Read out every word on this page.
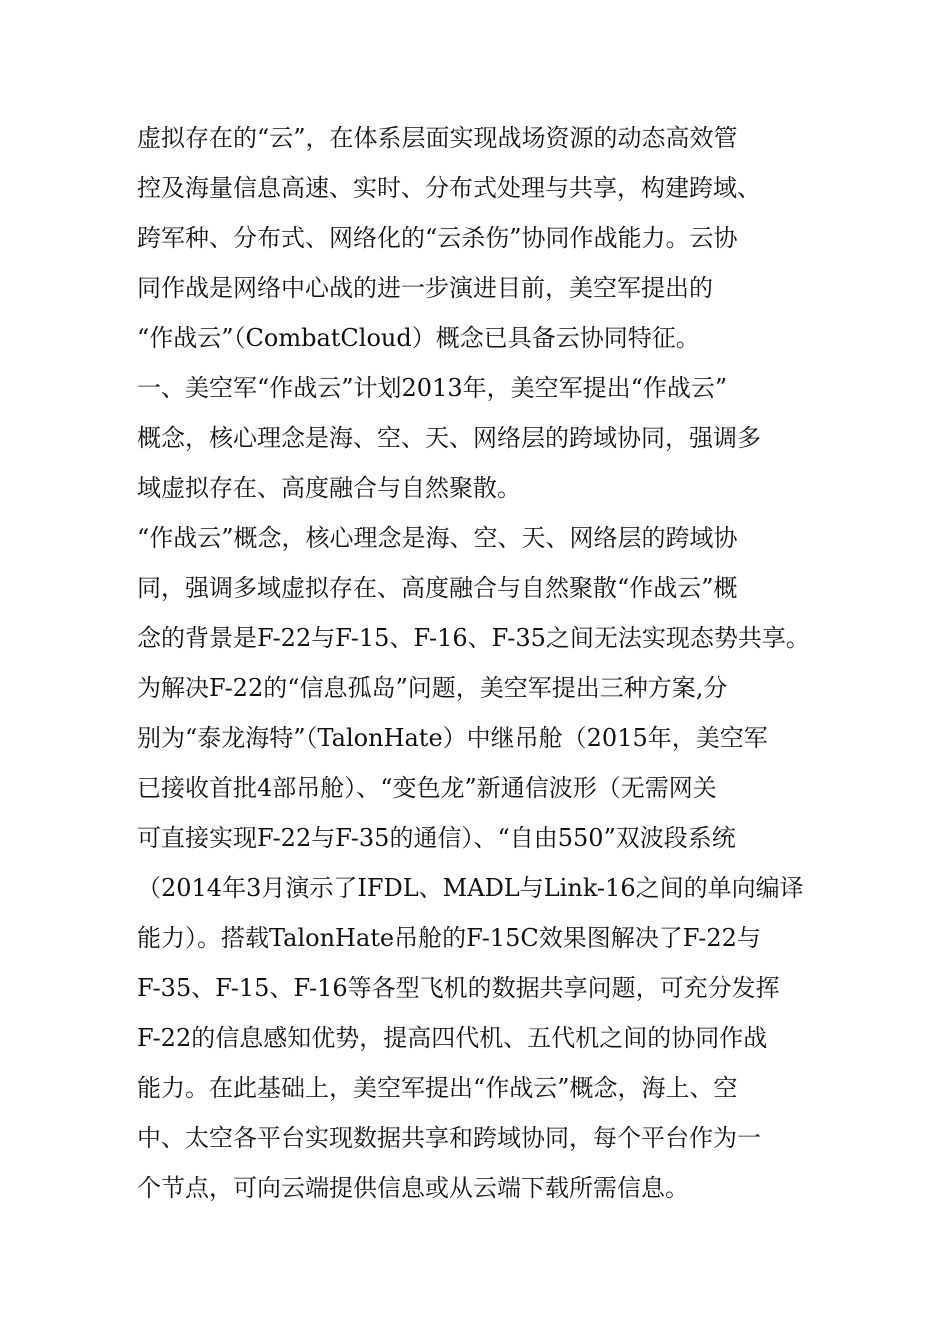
虚拟存在的“云”，在体系层面实现战场资源的动态高效管
控及海量信息高速、实时、分布式处理与共享，构建跨域、
跨军种、分布式、网络化的“云杀伤”协同作战能力。云协
同作战是网络中心战的进一步演进目前，美空军提出的
“作战云”（CombatCloud）概念已具备云协同特征。
一、美空军“作战云”计划2013年，美空军提出“作战云”
概念，核心理念是海、空、天、网络层的跨域协同，强调多
域虚拟存在、高度融合与自然聚散。
“作战云”概念，核心理念是海、空、天、网络层的跨域协
同，强调多域虚拟存在、高度融合与自然聚散“作战云”概
念的背景是F-22与F-15、F-16、F-35之间无法实现态势共享。
为解决F-22的“信息孤岛”问题，美空军提出三种方案,分
别为“泰龙海特”（TalonHate）中继吊舱（2015年，美空军
已接收首批4部吊舱）、“变色龙”新通信波形（无需网关
可直接实现F-22与F-35的通信）、“自由550”双波段系统
（2014年3月演示了IFDL、MADL与Link-16之间的单向编译
能力）。搭载TalonHate吊舱的F-15C效果图解决了F-22与
F-35、F-15、F-16等各型飞机的数据共享问题，可充分发挥
F-22的信息感知优势，提高四代机、五代机之间的协同作战
能力。在此基础上，美空军提出“作战云”概念，海上、空
中、太空各平台实现数据共享和跨域协同，每个平台作为一
个节点，可向云端提供信息或从云端下载所需信息。
